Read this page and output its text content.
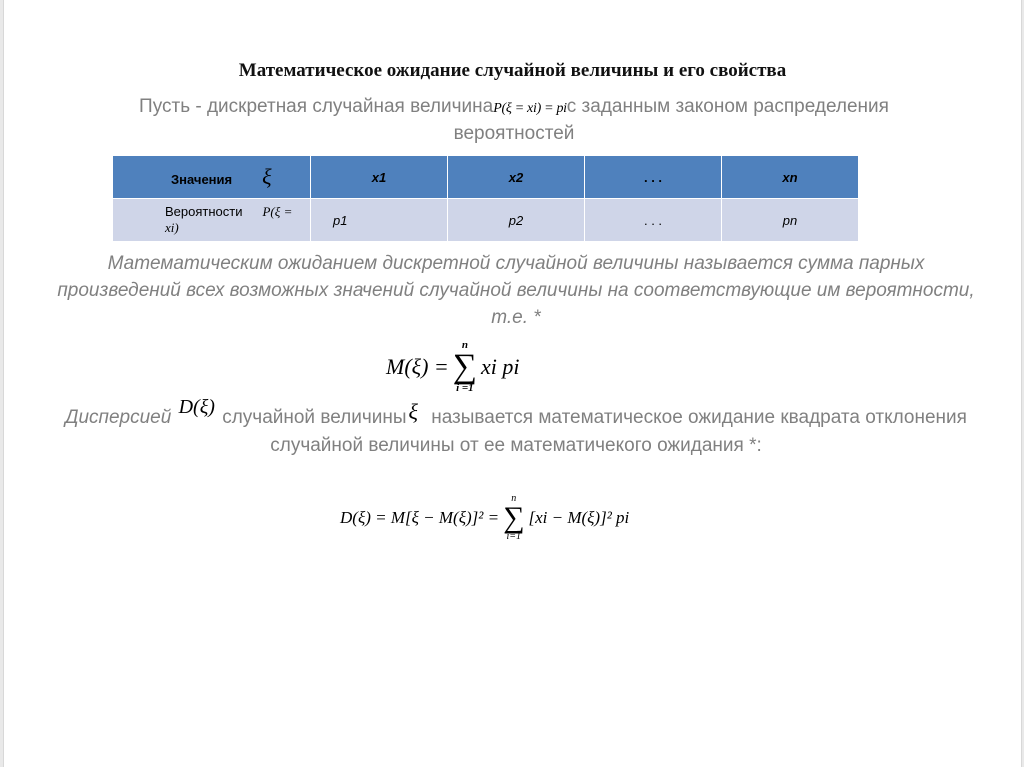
Математическое ожидание случайной величины и его свойства
Пусть - дискретная случайная величинаP(ξ = xi) = piс заданным законом распределения вероятностей
Значения ξ	x1	x2	. . .	xn
Вероятности P(ξ = xi)	p1	p2	. . .	pn
Математическим ожиданием дискретной случайной величины называется сумма парных произведений всех возможных значений случайной величины на соответствующие им вероятности, т.е. *
M(ξ) =
n
∑
i =1
xi pi
Дисперсией D(ξ) случайной величиныξ называется математическое ожидание квадрата отклонения случайной величины от ее математичекого ожидания *:
D(ξ) = M[ξ − M(ξ)]² =
n
∑
i=1
[xi − M(ξ)]² pi
